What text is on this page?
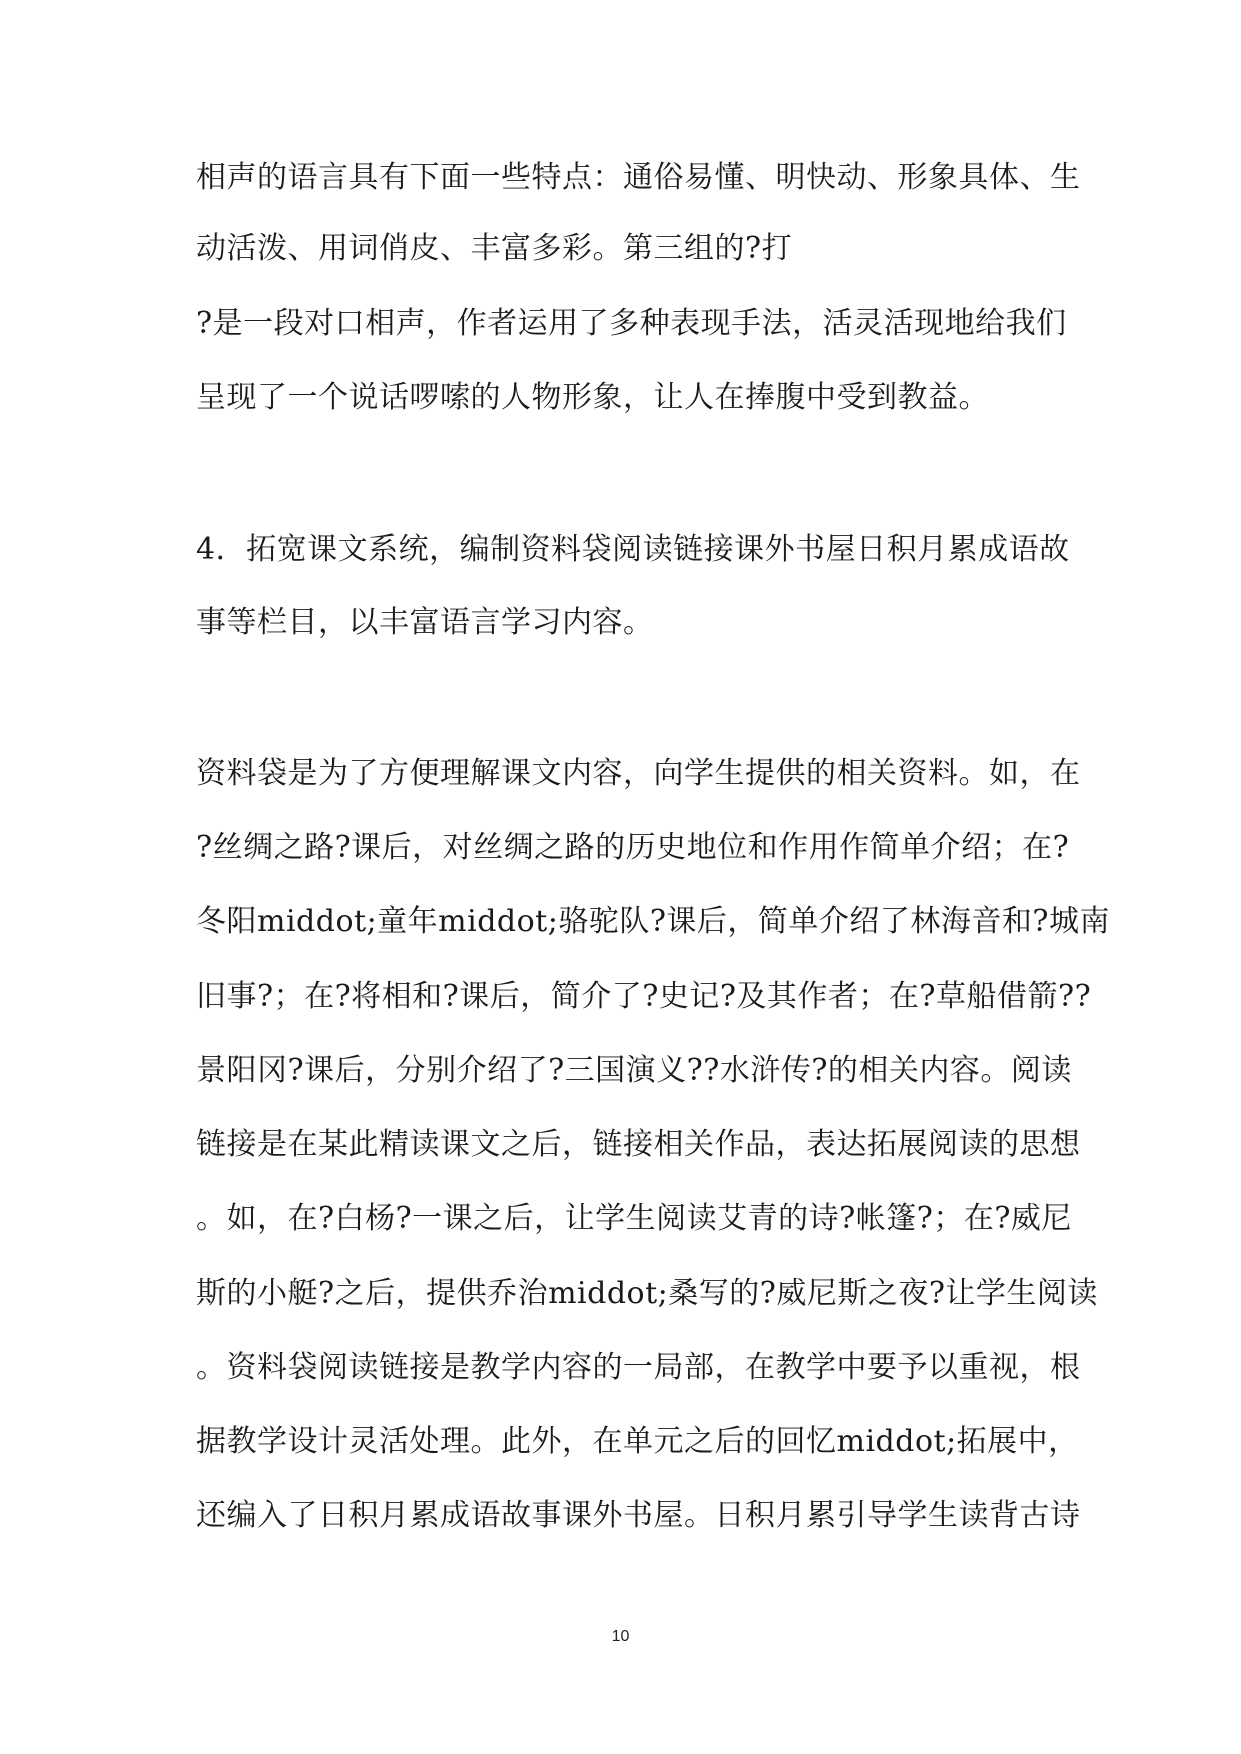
相声的语言具有下面一些特点：通俗易懂、明快动、形象具体、生
动活泼、用词俏皮、丰富多彩。第三组的?打
?是一段对口相声，作者运用了多种表现手法，活灵活现地给我们
呈现了一个说话啰嗦的人物形象，让人在捧腹中受到教益。
4．拓宽课文系统，编制资料袋阅读链接课外书屋日积月累成语故
事等栏目，以丰富语言学习内容。
资料袋是为了方便理解课文内容，向学生提供的相关资料。如，在
?丝绸之路?课后，对丝绸之路的历史地位和作用作简单介绍；在?
冬阳middot;童年middot;骆驼队?课后，简单介绍了林海音和?城南
旧事?；在?将相和?课后，简介了?史记?及其作者；在?草船借箭??
景阳冈?课后，分别介绍了?三国演义??水浒传?的相关内容。阅读
链接是在某此精读课文之后，链接相关作品，表达拓展阅读的思想
。如，在?白杨?一课之后，让学生阅读艾青的诗?帐篷?；在?威尼
斯的小艇?之后，提供乔治middot;桑写的?威尼斯之夜?让学生阅读
。资料袋阅读链接是教学内容的一局部，在教学中要予以重视，根
据教学设计灵活处理。此外，在单元之后的回忆middot;拓展中，
还编入了日积月累成语故事课外书屋。日积月累引导学生读背古诗
10
